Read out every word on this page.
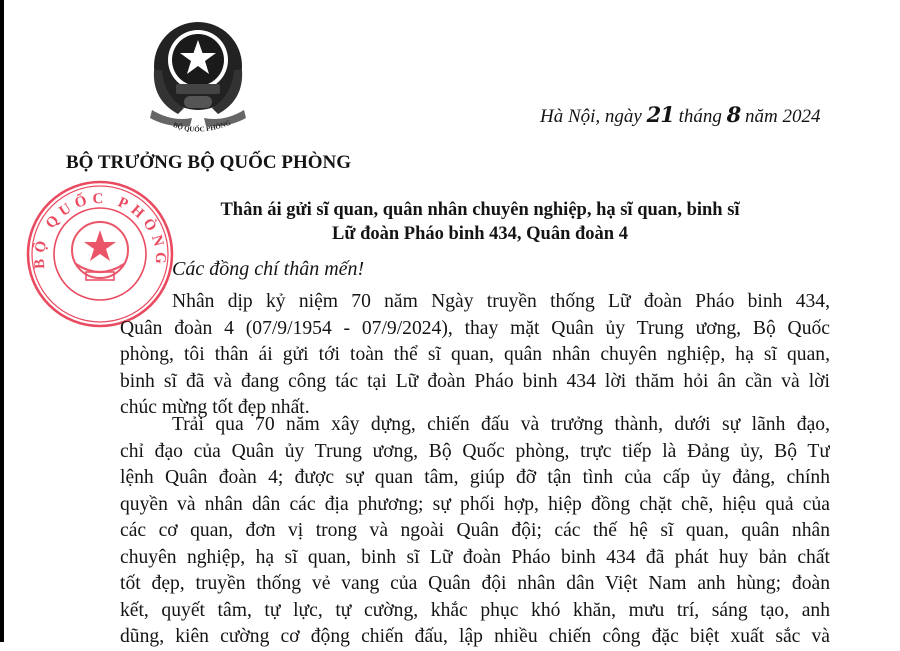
BỘ QUỐC PHÒNG	Hà Nội, ngày 21 tháng 8 năm 2024
BỘ TRƯỞNG BỘ QUỐC PHÒNG
BỘ QUỐC PHÒNG
Thân ái gửi sĩ quan, quân nhân chuyên nghiệp, hạ sĩ quan, binh sĩ
Lữ đoàn Pháo binh 434, Quân đoàn 4
Các đồng chí thân mến!
Nhân dịp kỷ niệm 70 năm Ngày truyền thống Lữ đoàn Pháo binh 434,
Quân đoàn 4 (07/9/1954 - 07/9/2024), thay mặt Quân ủy Trung ương, Bộ Quốc
phòng, tôi thân ái gửi tới toàn thể sĩ quan, quân nhân chuyên nghiệp, hạ sĩ quan,
binh sĩ đã và đang công tác tại Lữ đoàn Pháo binh 434 lời thăm hỏi ân cần và lời
chúc mừng tốt đẹp nhất.
Trải qua 70 năm xây dựng, chiến đấu và trưởng thành, dưới sự lãnh đạo,
chỉ đạo của Quân ủy Trung ương, Bộ Quốc phòng, trực tiếp là Đảng ủy, Bộ Tư
lệnh Quân đoàn 4; được sự quan tâm, giúp đỡ tận tình của cấp ủy đảng, chính
quyền và nhân dân các địa phương; sự phối hợp, hiệp đồng chặt chẽ, hiệu quả của
các cơ quan, đơn vị trong và ngoài Quân đội; các thế hệ sĩ quan, quân nhân
chuyên nghiệp, hạ sĩ quan, binh sĩ Lữ đoàn Pháo binh 434 đã phát huy bản chất
tốt đẹp, truyền thống vẻ vang của Quân đội nhân dân Việt Nam anh hùng; đoàn
kết, quyết tâm, tự lực, tự cường, khắc phục khó khăn, mưu trí, sáng tạo, anh
dũng, kiên cường cơ động chiến đấu, lập nhiều chiến công đặc biệt xuất sắc và
